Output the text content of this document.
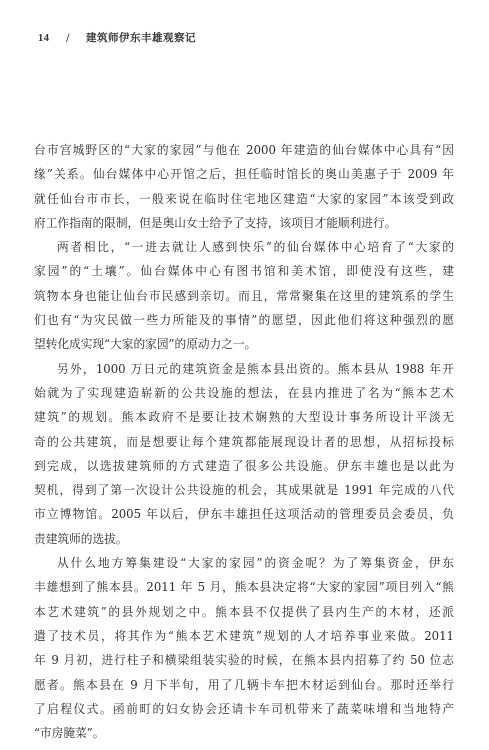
14 / 建筑师伊东丰雄观察记
台市宫城野区的“大家的家园”与他在 2000 年建造的仙台媒体中心具有“因
缘”关系。仙台媒体中心开馆之后，担任临时馆长的奥山美惠子于 2009 年
就任仙台市市长，一般来说在临时住宅地区建造“大家的家园”本该受到政
府工作指南的限制，但是奥山女士给予了支持，该项目才能顺利进行。
两者相比，“一进去就让人感到快乐”的仙台媒体中心培育了“大家的
家园”的“土壤”。仙台媒体中心有图书馆和美术馆，即使没有这些，建
筑物本身也能让仙台市民感到亲切。而且，常常聚集在这里的建筑系的学生
们也有“为灾民做一些力所能及的事情”的愿望，因此他们将这种强烈的愿
望转化成实现“大家的家园”的原动力之一。
另外，1000 万日元的建筑资金是熊本县出资的。熊本县从 1988 年开
始就为了实现建造崭新的公共设施的想法，在县内推进了名为“熊本艺术
建筑”的规划。熊本政府不是要让技术娴熟的大型设计事务所设计平淡无
奇的公共建筑，而是想要让每个建筑都能展现设计者的思想，从招标投标
到完成，以选拔建筑师的方式建造了很多公共设施。伊东丰雄也是以此为
契机，得到了第一次设计公共设施的机会，其成果就是 1991 年完成的八代
市立博物馆。2005 年以后，伊东丰雄担任这项活动的管理委员会委员，负
责建筑师的选拔。
从什么地方筹集建设“大家的家园”的资金呢？为了筹集资金，伊东
丰雄想到了熊本县。2011 年 5 月，熊本县决定将“大家的家园”项目列入“熊
本艺术建筑”的县外规划之中。熊本县不仅提供了县内生产的木材，还派
遣了技术员，将其作为“熊本艺术建筑”规划的人才培养事业来做。2011
年 9 月初，进行柱子和横梁组装实验的时候，在熊本县内招募了约 50 位志
愿者。熊本县在 9 月下半旬，用了几辆卡车把木材运到仙台。那时还举行
了启程仪式。函前町的妇女协会还请卡车司机带来了蔬菜味增和当地特产
“市房腌菜”。
